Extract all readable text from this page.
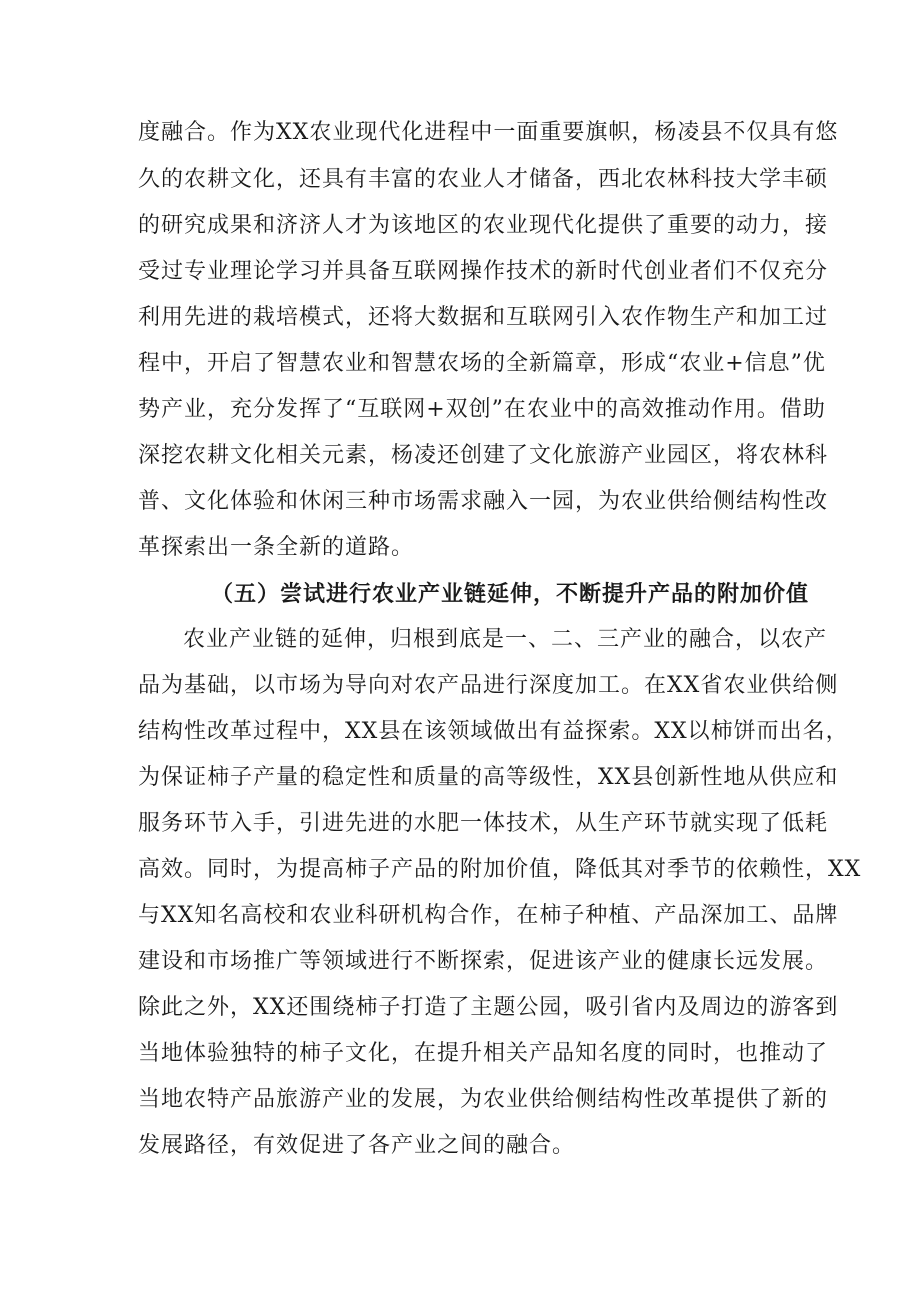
度融合。作为XX农业现代化进程中一面重要旗帜，杨凌县不仅具有悠
久的农耕文化，还具有丰富的农业人才储备，西北农林科技大学丰硕
的研究成果和济济人才为该地区的农业现代化提供了重要的动力，接
受过专业理论学习并具备互联网操作技术的新时代创业者们不仅充分
利用先进的栽培模式，还将大数据和互联网引入农作物生产和加工过
程中，开启了智慧农业和智慧农场的全新篇章，形成“农业+信息”优
势产业，充分发挥了“互联网+双创”在农业中的高效推动作用。借助
深挖农耕文化相关元素，杨凌还创建了文化旅游产业园区，将农林科
普、文化体验和休闲三种市场需求融入一园，为农业供给侧结构性改
革探索出一条全新的道路。
（五）尝试进行农业产业链延伸，不断提升产品的附加价值
农业产业链的延伸，归根到底是一、二、三产业的融合，以农产
品为基础，以市场为导向对农产品进行深度加工。在XX省农业供给侧
结构性改革过程中，XX县在该领域做出有益探索。XX以柿饼而出名，
为保证柿子产量的稳定性和质量的高等级性，XX县创新性地从供应和
服务环节入手，引进先进的水肥一体技术，从生产环节就实现了低耗
高效。同时，为提高柿子产品的附加价值，降低其对季节的依赖性，XX
与XX知名高校和农业科研机构合作，在柿子种植、产品深加工、品牌
建设和市场推广等领域进行不断探索，促进该产业的健康长远发展。
除此之外，XX还围绕柿子打造了主题公园，吸引省内及周边的游客到
当地体验独特的柿子文化，在提升相关产品知名度的同时，也推动了
当地农特产品旅游产业的发展，为农业供给侧结构性改革提供了新的
发展路径，有效促进了各产业之间的融合。
